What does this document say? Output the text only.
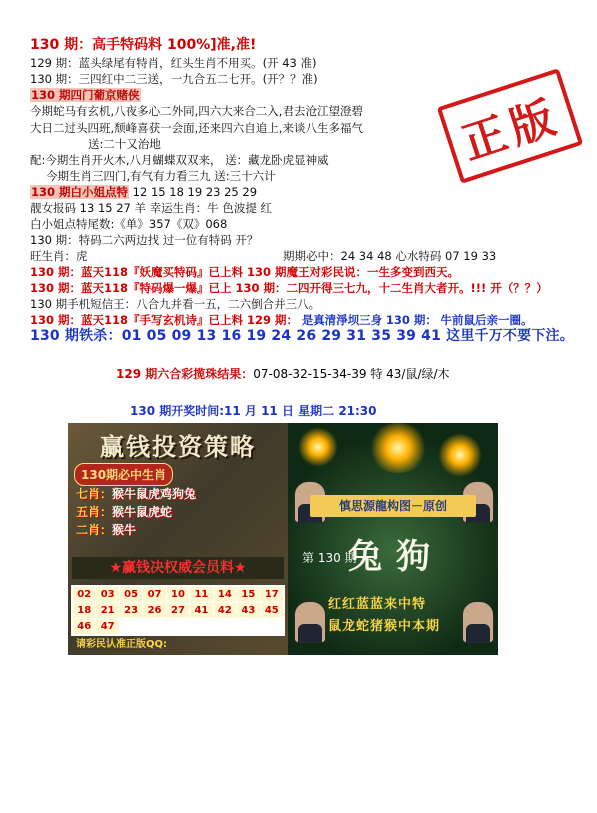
130 期：高手特码料 100%]准,准!
129 期：蓝头绿尾有特肖，红头生肖不用买。(开 43 准)
130 期：三四红中二三送，一九合五二七开。(开？？准)
130 期四门葡京赌侠
今期蛇马有玄机,八夜多心二外同,四六大来合二入,君去沧江望澄碧
大日二过头四班,颓峰喜获一会面,还来四六自追上,来谈八生多福气
送:二十又治地
配:今期生肖开火木,八月蝴蝶双双来， 送：藏龙卧虎显神威
今期生肖三四门,有气有力看三九 送:三十六计
130 期白小姐点特 12 15 18 19 23 25 29
靓女报码 13 15 27 羊 幸运生肖：牛 色波提 红
白小姐点特尾数:《单》357《双》068
130 期：特码二六两边找 过一位有特码 开？
旺生肖：虎	期期必中：24 34 48 心水特码 07 19 33
130 期：蓝天118『妖魔买特码』已上料 130 期魔王对彩民说：一生多变到西天。
130 期：蓝天118『特码爆一爆』已上 130 期：二四开得三七九，十二生肖大者开。!!! 开（？？）
130 期手机短信王：八合九并看一五，二六倒合并三八。
130 期：蓝天118『手写玄机诗』已上料 129 期： 是真清淨坝三身 130 期： 牛前鼠后亲一圈。
正版
130 期铁杀：01 05 09 13 16 19 24 26 29 31 35 39 41 这里千万不要下注。
129 期六合彩揽珠结果：07-08-32-15-34-39 特 43/鼠/绿/木
130 期开奖时间:11 月 11 日 星期二 21:30
赢钱投资策略
130期必中生肖
七肖：猴牛鼠虎鸡狗兔
五肖：猴牛鼠虎蛇
二肖：猴牛
★赢钱决权威会员料★
02 03 05 07 10 11 14 15 17
18 21 23 26 27 41 42 43 45
46 47
请彩民认准正版QQ:
慎思源龍构图－原创
第 130 期
兔狗
红红蓝蓝来中特
鼠龙蛇猪猴中本期
